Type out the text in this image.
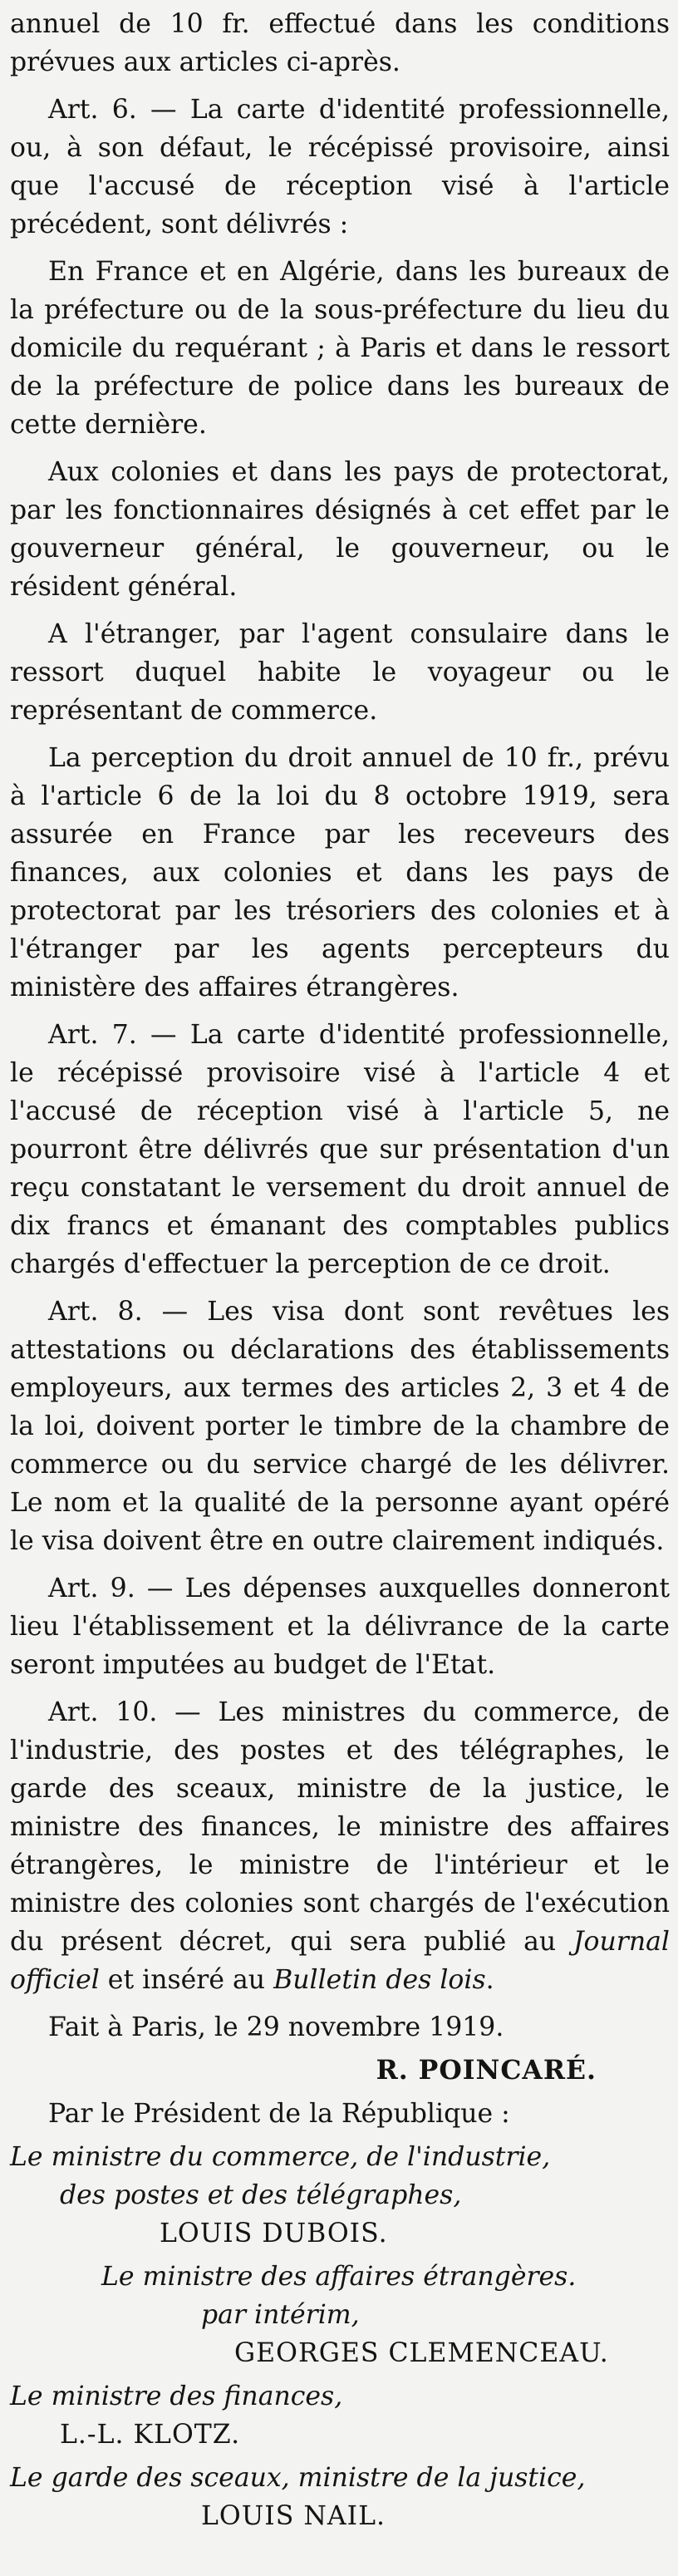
annuel de 10 fr. effectué dans les conditions prévues aux articles ci-après.

Art. 6. — La carte d'identité professionnelle, ou, à son défaut, le récépissé provisoire, ainsi que l'accusé de réception visé à l'article précédent, sont délivrés :

En France et en Algérie, dans les bureaux de la préfecture ou de la sous-préfecture du lieu du domicile du requérant ; à Paris et dans le ressort de la préfecture de police dans les bureaux de cette dernière.

Aux colonies et dans les pays de protectorat, par les fonctionnaires désignés à cet effet par le gouverneur général, le gouverneur, ou le résident général.

A l'étranger, par l'agent consulaire dans le ressort duquel habite le voyageur ou le représentant de commerce.

La perception du droit annuel de 10 fr., prévu à l'article 6 de la loi du 8 octobre 1919, sera assurée en France par les receveurs des finances, aux colonies et dans les pays de protectorat par les trésoriers des colonies et à l'étranger par les agents percepteurs du ministère des affaires étrangères.

Art. 7. — La carte d'identité professionnelle, le récépissé provisoire visé à l'article 4 et l'accusé de réception visé à l'article 5, ne pourront être délivrés que sur présentation d'un reçu constatant le versement du droit annuel de dix francs et émanant des comptables publics chargés d'effectuer la perception de ce droit.

Art. 8. — Les visa dont sont revêtues les attestations ou déclarations des établissements employeurs, aux termes des articles 2, 3 et 4 de la loi, doivent porter le timbre de la chambre de commerce ou du service chargé de les délivrer. Le nom et la qualité de la personne ayant opéré le visa doivent être en outre clairement indiqués.

Art. 9. — Les dépenses auxquelles donneront lieu l'établissement et la délivrance de la carte seront imputées au budget de l'Etat.

Art. 10. — Les ministres du commerce, de l'industrie, des postes et des télégraphes, le garde des sceaux, ministre de la justice, le ministre des finances, le ministre des affaires étrangères, le ministre de l'intérieur et le ministre des colonies sont chargés de l'exécution du présent décret, qui sera publié au Journal officiel et inséré au Bulletin des lois.

Fait à Paris, le 29 novembre 1919.

R. POINCARÉ.

Par le Président de la République :

Le ministre du commerce, de l'industrie,
des postes et des télégraphes,
LOUIS DUBOIS.
Le ministre des affaires étrangères.
par intérim,
GEORGES CLEMENCEAU.
Le ministre des finances,
L.-L. KLOTZ.
Le garde des sceaux, ministre de la justice,
LOUIS NAIL.
